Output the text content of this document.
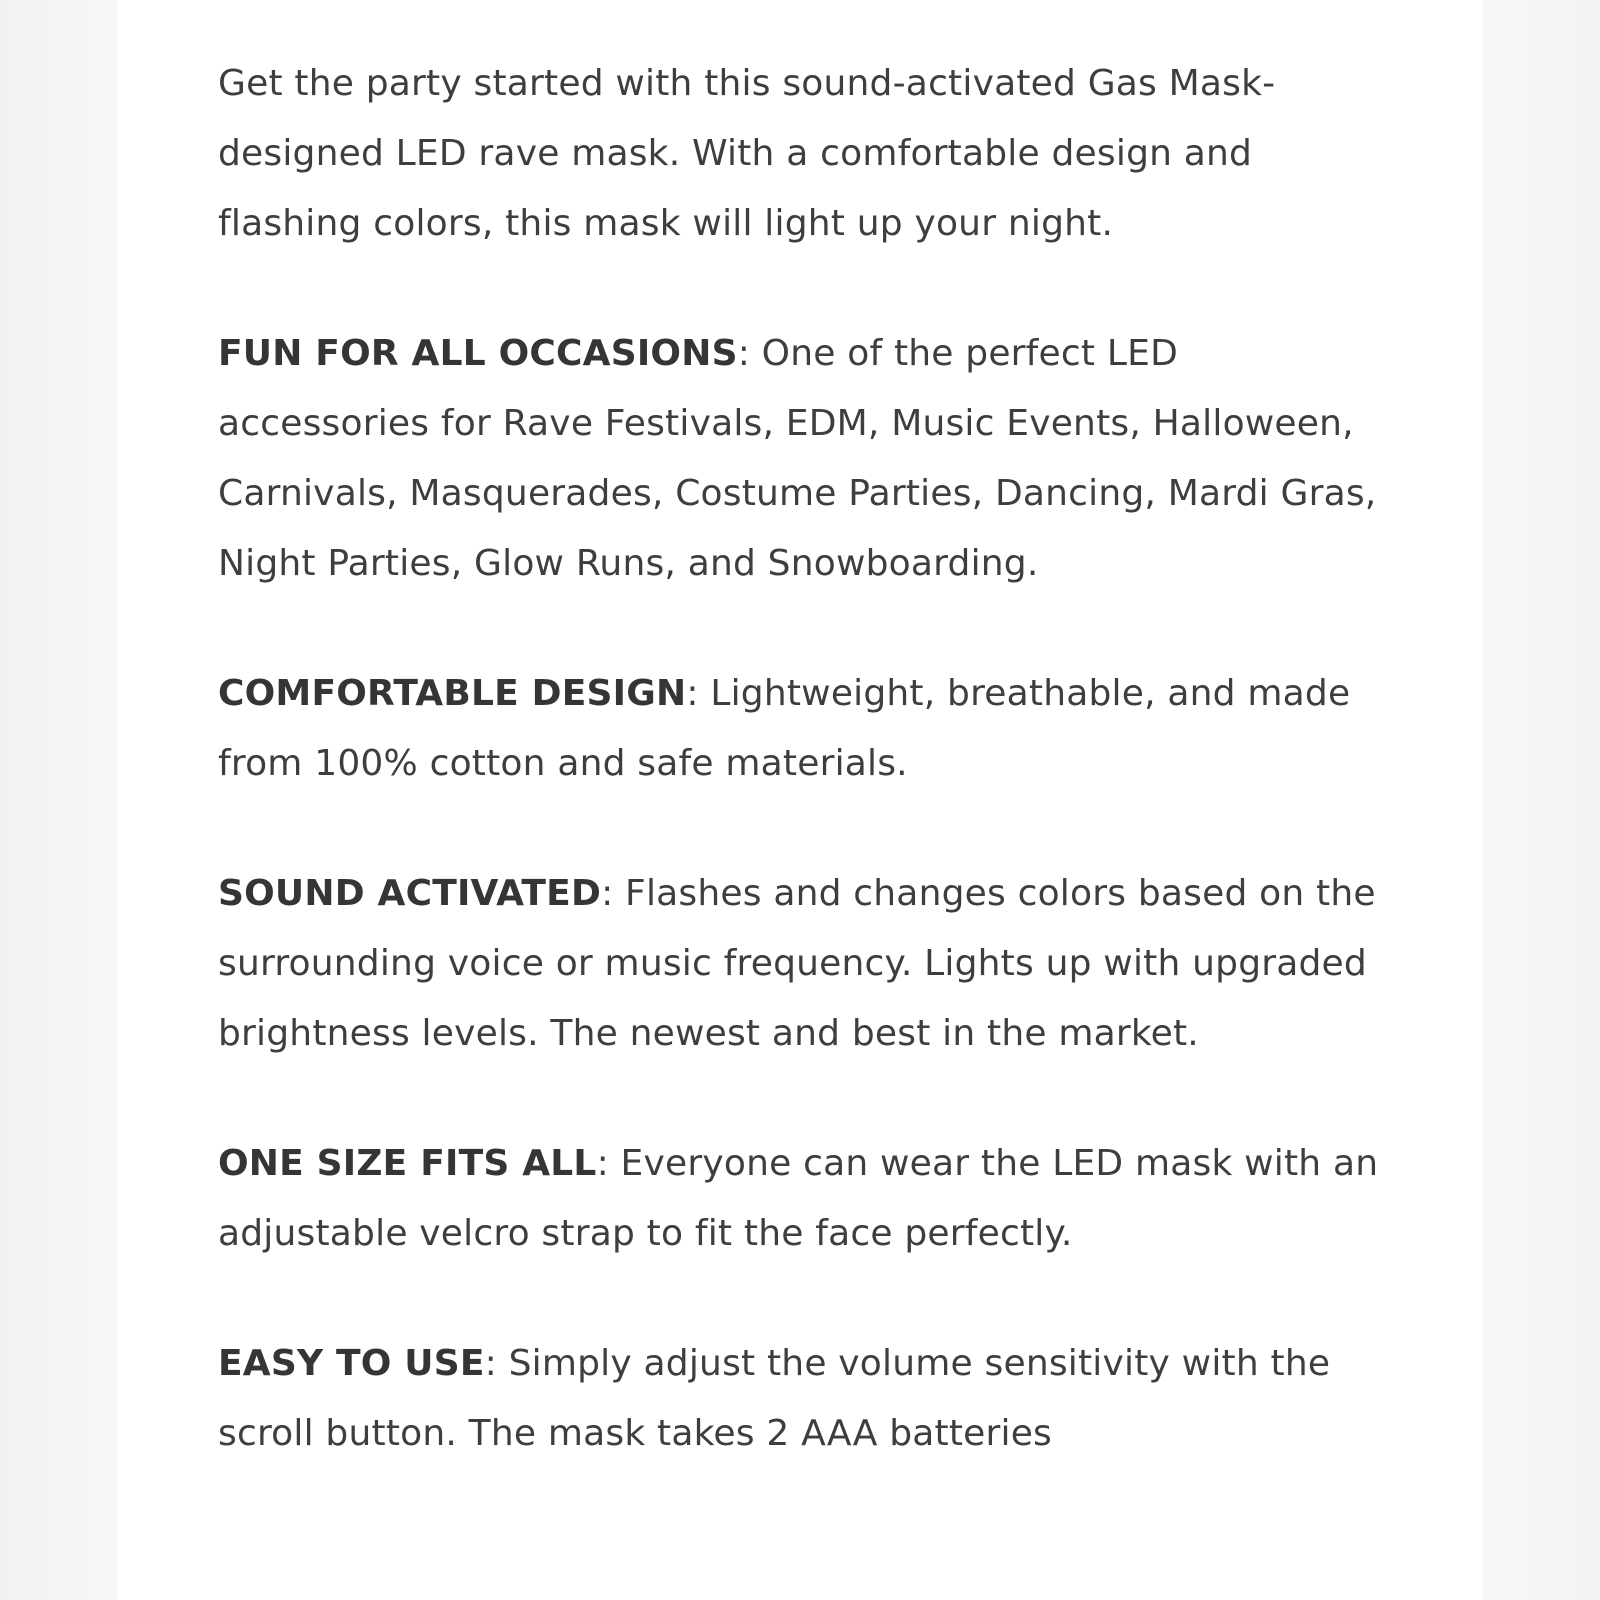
Get the party started with this sound-activated Gas Mask-designed LED rave mask. With a comfortable design and flashing colors, this mask will light up your night.

FUN FOR ALL OCCASIONS: One of the perfect LED accessories for Rave Festivals, EDM, Music Events, Halloween, Carnivals, Masquerades, Costume Parties, Dancing, Mardi Gras, Night Parties, Glow Runs, and Snowboarding.

COMFORTABLE DESIGN: Lightweight, breathable, and made from 100% cotton and safe materials.

SOUND ACTIVATED: Flashes and changes colors based on the surrounding voice or music frequency. Lights up with upgraded brightness levels. The newest and best in the market.

ONE SIZE FITS ALL: Everyone can wear the LED mask with an adjustable velcro strap to fit the face perfectly.

EASY TO USE: Simply adjust the volume sensitivity with the scroll button. The mask takes 2 AAA batteries
